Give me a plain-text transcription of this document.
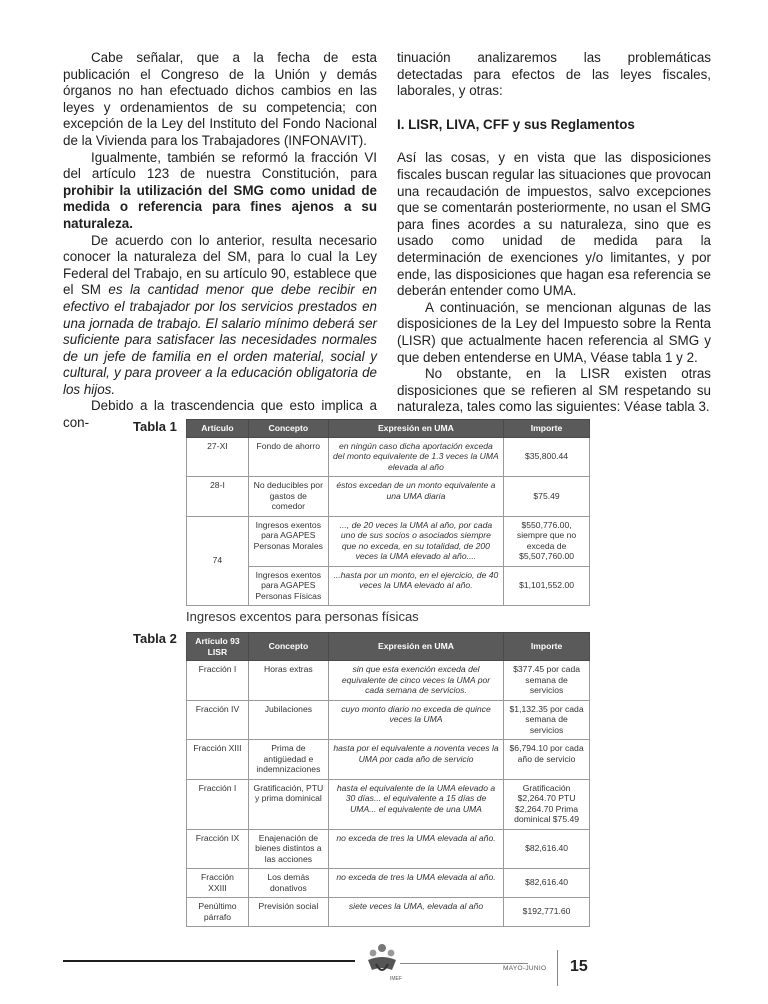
Cabe señalar, que a la fecha de esta publicación el Congreso de la Unión y demás órganos no han efectuado dichos cambios en las leyes y ordenamientos de su competencia; con excepción de la Ley del Instituto del Fondo Nacional de la Vivienda para los Trabajadores (INFONAVIT).

Igualmente, también se reformó la fracción VI del artículo 123 de nuestra Constitución, para prohibir la utilización del SMG como unidad de medida o referencia para fines ajenos a su naturaleza.

De acuerdo con lo anterior, resulta necesario conocer la naturaleza del SM, para lo cual la Ley Federal del Trabajo, en su artículo 90, establece que el SM es la cantidad menor que debe recibir en efectivo el trabajador por los servicios prestados en una jornada de trabajo. El salario mínimo deberá ser suficiente para satisfacer las necesidades normales de un jefe de familia en el orden material, social y cultural, y para proveer a la educación obligatoria de los hijos.

Debido a la trascendencia que esto implica a con-

tinuación analizaremos las problemáticas detectadas para efectos de las leyes fiscales, laborales, y otras:

I. LISR, LIVA, CFF y sus Reglamentos

Así las cosas, y en vista que las disposiciones fiscales buscan regular las situaciones que provocan una recaudación de impuestos, salvo excepciones que se comentarán posteriormente, no usan el SMG para fines acordes a su naturaleza, sino que es usado como unidad de medida para la determinación de exenciones y/o limitantes, y por ende, las disposiciones que hagan esa referencia se deberán entender como UMA.

A continuación, se mencionan algunas de las disposiciones de la Ley del Impuesto sobre la Renta (LISR) que actualmente hacen referencia al SMG y que deben entenderse en UMA, Véase tabla 1 y 2.

No obstante, en la LISR existen otras disposiciones que se refieren al SM respetando su naturaleza, tales como las siguientes: Véase tabla 3.

Tabla 1	Artículo	Concepto	Expresión en UMA	Importe
27-XI	Fondo de ahorro	en ningún caso dicha aportación exceda del monto equivalente de 1.3 veces la UMA elevada al año	$35,800.44
28-I	No deducibles por gastos de comedor	éstos excedan de un monto equivalente a una UMA diaria	$75.49
74	Ingresos exentos para AGAPES Personas Morales	..., de 20 veces la UMA al año, por cada uno de sus socios o asociados siempre que no exceda, en su totalidad, de 200 veces la UMA elevado al año....	$550,776.00, siempre que no exceda de $5,507,760.00
	Ingresos exentos para AGAPES Personas Físicas	...hasta por un monto, en el ejercicio, de 40 veces la UMA elevado al año.	$1,101,552.00
Ingresos excentos para personas físicas
Tabla 2 Artículo 93 LISR	Concepto	Expresión en UMA	Importe
Fracción I	Horas extras	sin que esta exención exceda del equivalente de cinco veces la UMA por cada semana de servicios.	$377.45 por cada semana de servicios
Fracción IV	Jubilaciones	cuyo monto diario no exceda de quince veces la UMA	$1,132.35 por cada semana de servicios
Fracción XIII	Prima de antigüedad e indemnizaciones	hasta por el equivalente a noventa veces la UMA por cada año de servicio	$6,794.10 por cada año de servicio
Fracción I	Gratificación, PTU y prima dominical	hasta el equivalente de la UMA elevado a 30 días... el equivalente a 15 días de UMA... el equivalente de una UMA	Gratificación $2,264.70 PTU $2,264.70 Prima dominical $75.49
Fracción IX	Enajenación de bienes distintos a las acciones	no exceda de tres la UMA elevada al año.	$82,616.40
Fracción XXIII	Los demás donativos	no exceda de tres la UMA elevada al año.	$82,616.40
Penúltimo párrafo	Previsión social	siete veces la UMA, elevada al año	$192,771.60
IMEF
MAYO-JUNIO 15
